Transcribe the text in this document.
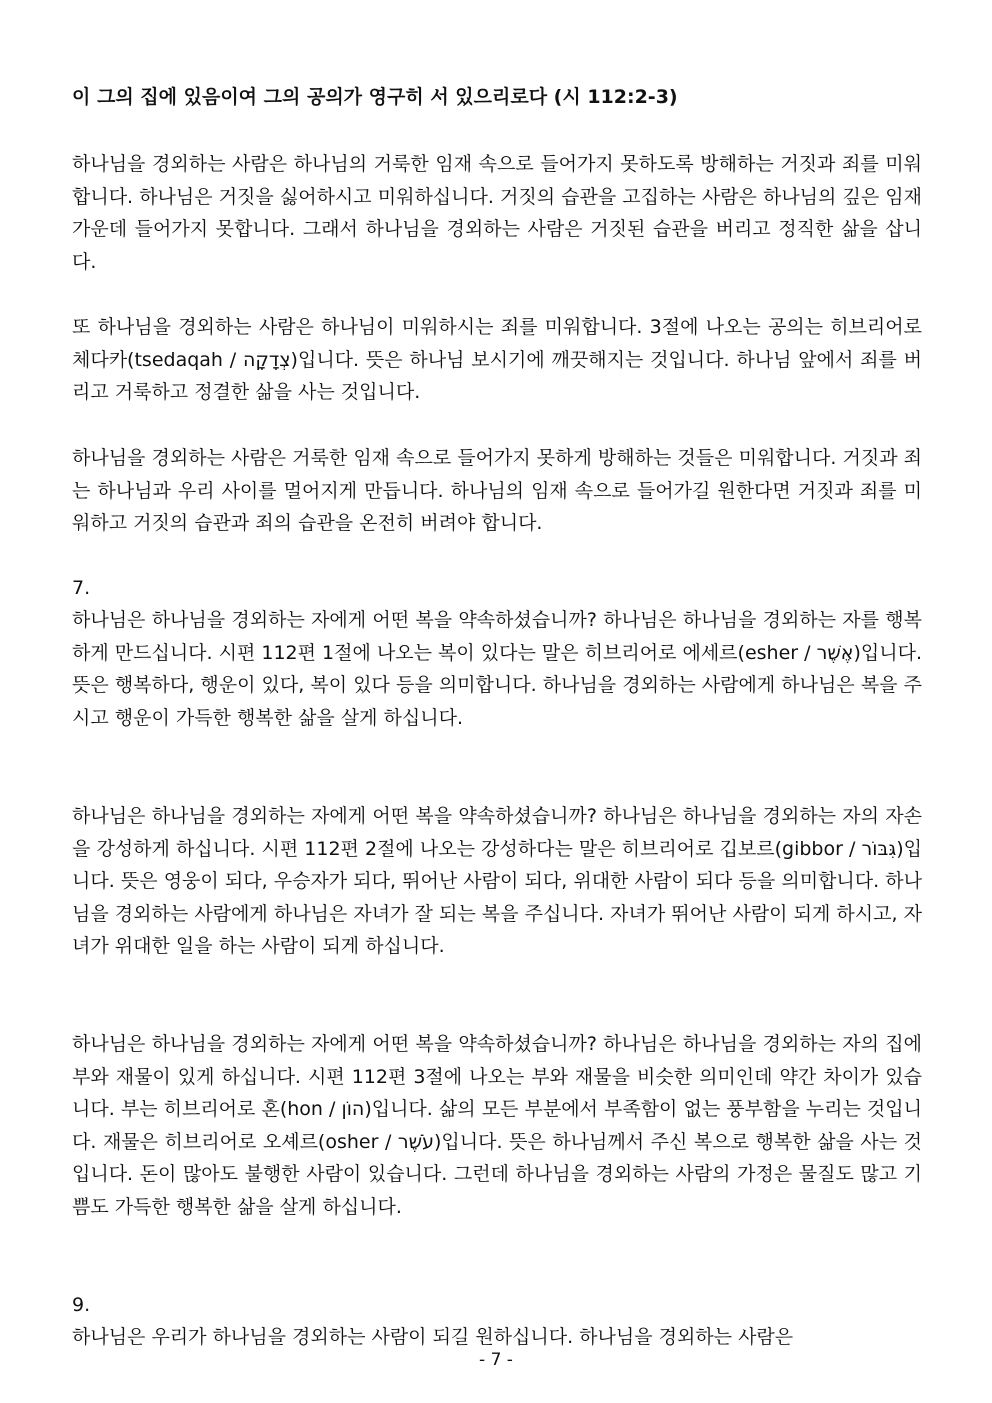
이 그의 집에 있음이여 그의 공의가 영구히 서 있으리로다 (시 112:2-3)

하나님을 경외하는 사람은 하나님의 거룩한 임재 속으로 들어가지 못하도록 방해하는 거짓과 죄를 미워합니다. 하나님은 거짓을 싫어하시고 미워하십니다. 거짓의 습관을 고집하는 사람은 하나님의 깊은 임재 가운데 들어가지 못합니다. 그래서 하나님을 경외하는 사람은 거짓된 습관을 버리고 정직한 삶을 삽니다.

또 하나님을 경외하는 사람은 하나님이 미워하시는 죄를 미워합니다. 3절에 나오는 공의는 히브리어로 체다카(tsedaqah / צְדָקָה)입니다. 뜻은 하나님 보시기에 깨끗해지는 것입니다. 하나님 앞에서 죄를 버리고 거룩하고 정결한 삶을 사는 것입니다.

하나님을 경외하는 사람은 거룩한 임재 속으로 들어가지 못하게 방해하는 것들은 미워합니다. 거짓과 죄는 하나님과 우리 사이를 멀어지게 만듭니다. 하나님의 임재 속으로 들어가길 원한다면 거짓과 죄를 미워하고 거짓의 습관과 죄의 습관을 온전히 버려야 합니다.

7.

하나님은 하나님을 경외하는 자에게 어떤 복을 약속하셨습니까? 하나님은 하나님을 경외하는 자를 행복하게 만드십니다. 시편 112편 1절에 나오는 복이 있다는 말은 히브리어로 에세르(esher / אֶשֶׁר)입니다. 뜻은 행복하다, 행운이 있다, 복이 있다 등을 의미합니다. 하나님을 경외하는 사람에게 하나님은 복을 주시고 행운이 가득한 행복한 삶을 살게 하십니다.

하나님은 하나님을 경외하는 자에게 어떤 복을 약속하셨습니까? 하나님은 하나님을 경외하는 자의 자손을 강성하게 하십니다. 시편 112편 2절에 나오는 강성하다는 말은 히브리어로 깁보르(gibbor / גִּבּוֹר)입니다. 뜻은 영웅이 되다, 우승자가 되다, 뛰어난 사람이 되다, 위대한 사람이 되다 등을 의미합니다. 하나님을 경외하는 사람에게 하나님은 자녀가 잘 되는 복을 주십니다. 자녀가 뛰어난 사람이 되게 하시고, 자녀가 위대한 일을 하는 사람이 되게 하십니다.

하나님은 하나님을 경외하는 자에게 어떤 복을 약속하셨습니까? 하나님은 하나님을 경외하는 자의 집에 부와 재물이 있게 하십니다. 시편 112편 3절에 나오는 부와 재물을 비슷한 의미인데 약간 차이가 있습니다. 부는 히브리어로 혼(hon / הוֹן)입니다. 삶의 모든 부분에서 부족함이 없는 풍부함을 누리는 것입니다. 재물은 히브리어로 오셰르(osher / עֹשֶׁר)입니다. 뜻은 하나님께서 주신 복으로 행복한 삶을 사는 것입니다. 돈이 많아도 불행한 사람이 있습니다. 그런데 하나님을 경외하는 사람의 가정은 물질도 많고 기쁨도 가득한 행복한 삶을 살게 하십니다.

9.

하나님은 우리가 하나님을 경외하는 사람이 되길 원하십니다. 하나님을 경외하는 사람은

- 7 -
